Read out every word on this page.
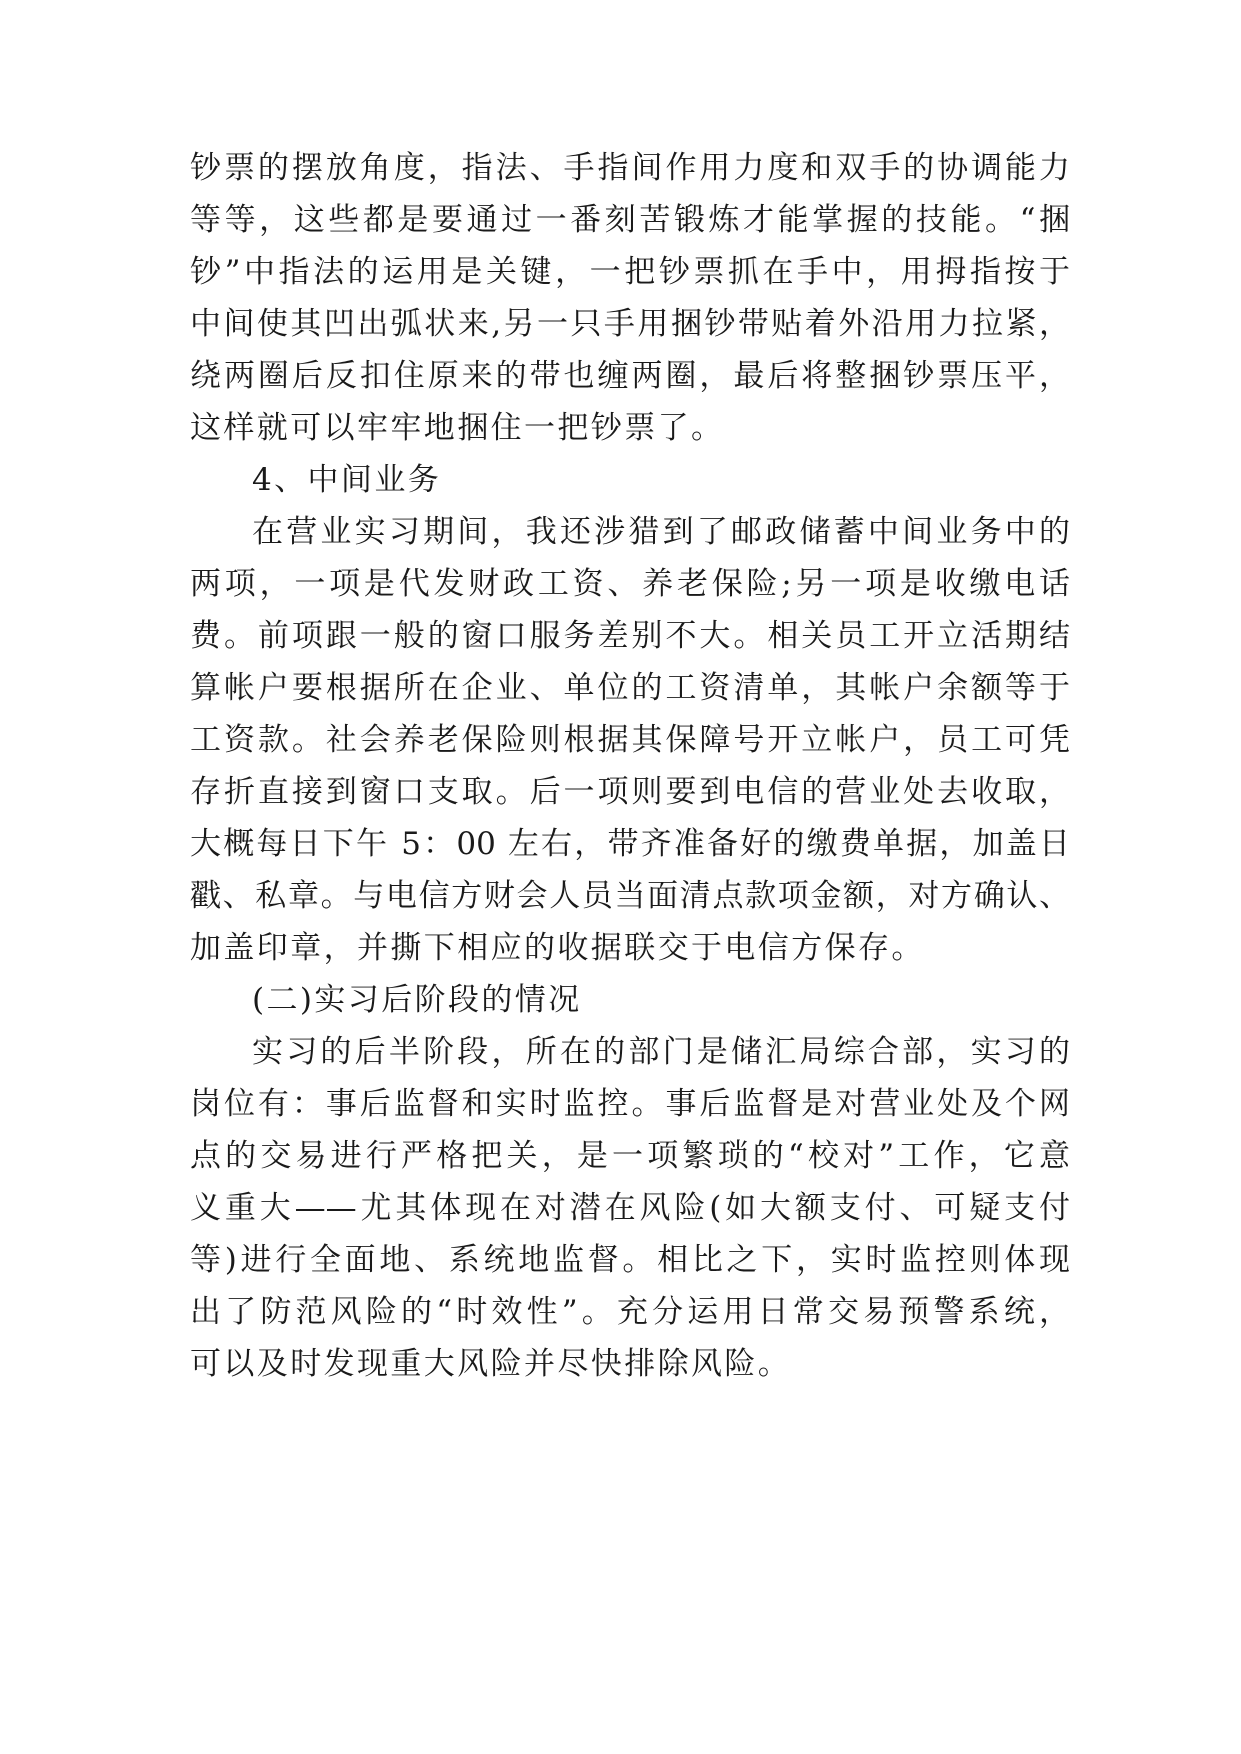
钞票的摆放角度，指法、手指间作用力度和双手的协调能力
等等，这些都是要通过一番刻苦锻炼才能掌握的技能。“捆
钞”中指法的运用是关键，一把钞票抓在手中，用拇指按于
中间使其凹出弧状来,另一只手用捆钞带贴着外沿用力拉紧，
绕两圈后反扣住原来的带也缠两圈，最后将整捆钞票压平，
这样就可以牢牢地捆住一把钞票了。
4、中间业务
在营业实习期间，我还涉猎到了邮政储蓄中间业务中的
两项，一项是代发财政工资、养老保险;另一项是收缴电话
费。前项跟一般的窗口服务差别不大。相关员工开立活期结
算帐户要根据所在企业、单位的工资清单，其帐户余额等于
工资款。社会养老保险则根据其保障号开立帐户，员工可凭
存折直接到窗口支取。后一项则要到电信的营业处去收取，
大概每日下午 5：00 左右，带齐准备好的缴费单据，加盖日
戳、私章。与电信方财会人员当面清点款项金额，对方确认、
加盖印章，并撕下相应的收据联交于电信方保存。
(二)实习后阶段的情况
实习的后半阶段，所在的部门是储汇局综合部，实习的
岗位有：事后监督和实时监控。事后监督是对营业处及个网
点的交易进行严格把关，是一项繁琐的“校对”工作，它意
义重大——尤其体现在对潜在风险(如大额支付、可疑支付
等)进行全面地、系统地监督。相比之下，实时监控则体现
出了防范风险的“时效性”。充分运用日常交易预警系统，
可以及时发现重大风险并尽快排除风险。
